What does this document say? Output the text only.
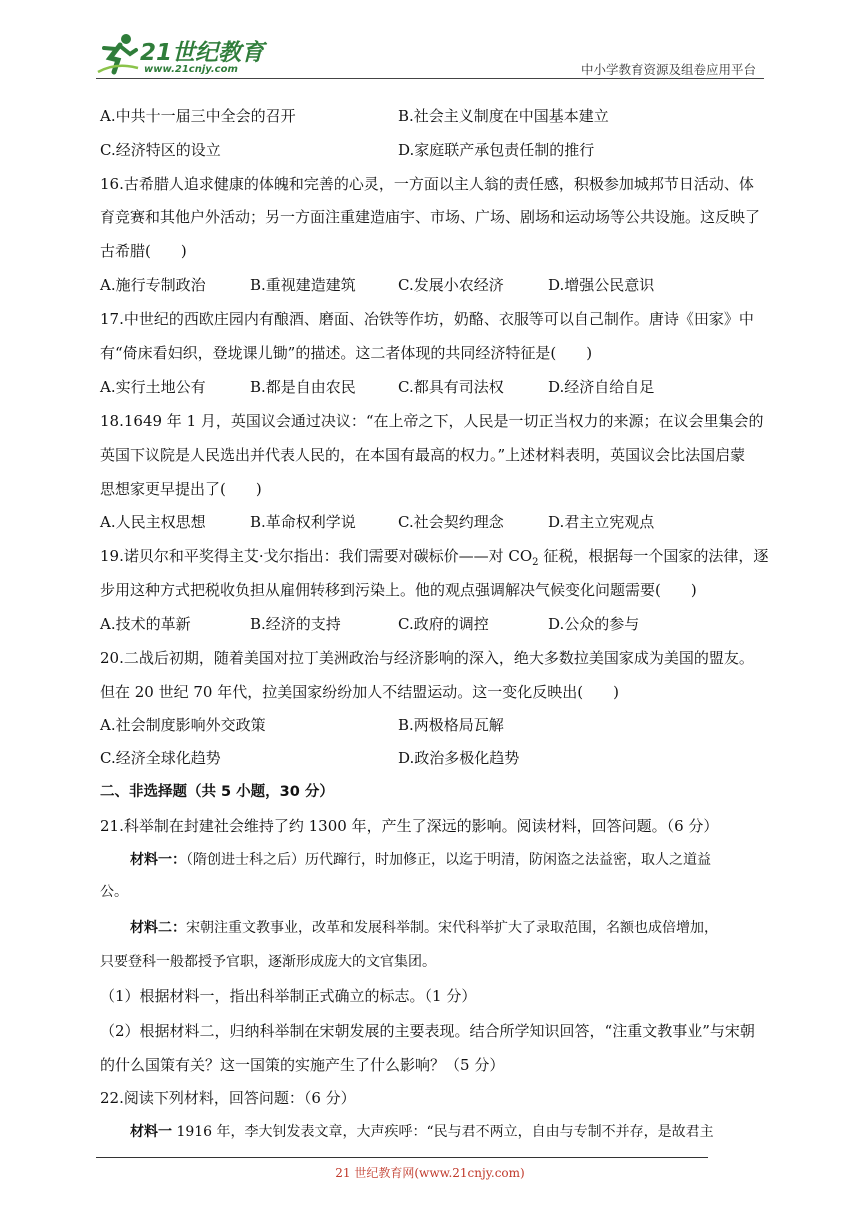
21世纪教育
www.21cnjy.com	中小学教育资源及组卷应用平台
A.中共十一届三中全会的召开	B.社会主义制度在中国基本建立
C.经济特区的设立	D.家庭联产承包责任制的推行
16.古希腊人追求健康的体魄和完善的心灵，一方面以主人翁的责任感，积极参加城邦节日活动、体
育竞赛和其他户外活动；另一方面注重建造庙宇、市场、广场、剧场和运动场等公共设施。这反映了
古希腊(　　)
A.施行专制政治	B.重视建造建筑	C.发展小农经济	D.增强公民意识
17.中世纪的西欧庄园内有酿酒、磨面、冶铁等作坊，奶酪、衣服等可以自己制作。唐诗《田家》中
有“倚床看妇织，登垅课儿锄”的描述。这二者体现的共同经济特征是(　　)
A.实行土地公有	B.都是自由农民	C.都具有司法权	D.经济自给自足
18.1649 年 1 月，英国议会通过决议：“在上帝之下，人民是一切正当权力的来源；在议会里集会的
英国下议院是人民选出并代表人民的，在本国有最高的权力。”上述材料表明，英国议会比法国启蒙
思想家更早提出了(　　)
A.人民主权思想	B.革命权利学说	C.社会契约理念	D.君主立宪观点
19.诺贝尔和平奖得主艾·戈尔指出：我们需要对碳标价——对 $CO_2$ 征税，根据每一个国家的法律，逐
步用这种方式把税收负担从雇佣转移到污染上。他的观点强调解决气候变化问题需要(　　)
A.技术的革新	B.经济的支持	C.政府的调控	D.公众的参与
20.二战后初期，随着美国对拉丁美洲政治与经济影响的深入，绝大多数拉美国家成为美国的盟友。
但在 20 世纪 70 年代，拉美国家纷纷加人不结盟运动。这一变化反映出(　　)
A.社会制度影响外交政策	B.两极格局瓦解
C.经济全球化趋势	D.政治多极化趋势
二、非选择题（共 5 小题，30 分）
21.科举制在封建社会维持了约 1300 年，产生了深远的影响。阅读材料，回答问题。（6 分）
材料一：（隋创进士科之后）历代蹿行，时加修正，以迄于明清，防闲盗之法益密，取人之道益
公。
材料二：宋朝注重文教事业，改革和发展科举制。宋代科举扩大了录取范围，名额也成倍增加，
只要登科一般都授予官职，逐渐形成庞大的文官集团。
（1）根据材料一，指出科举制正式确立的标志。（1 分）
（2）根据材料二，归纳科举制在宋朝发展的主要表现。结合所学知识回答，“注重文教事业”与宋朝
的什么国策有关？这一国策的实施产生了什么影响？（5 分）
22.阅读下列材料，回答问题：（6 分）
材料一 1916 年，李大钊发表文章，大声疾呼：“民与君不两立，自由与专制不并存，是故君主
21 世纪教育网(www.21cnjy.com)
